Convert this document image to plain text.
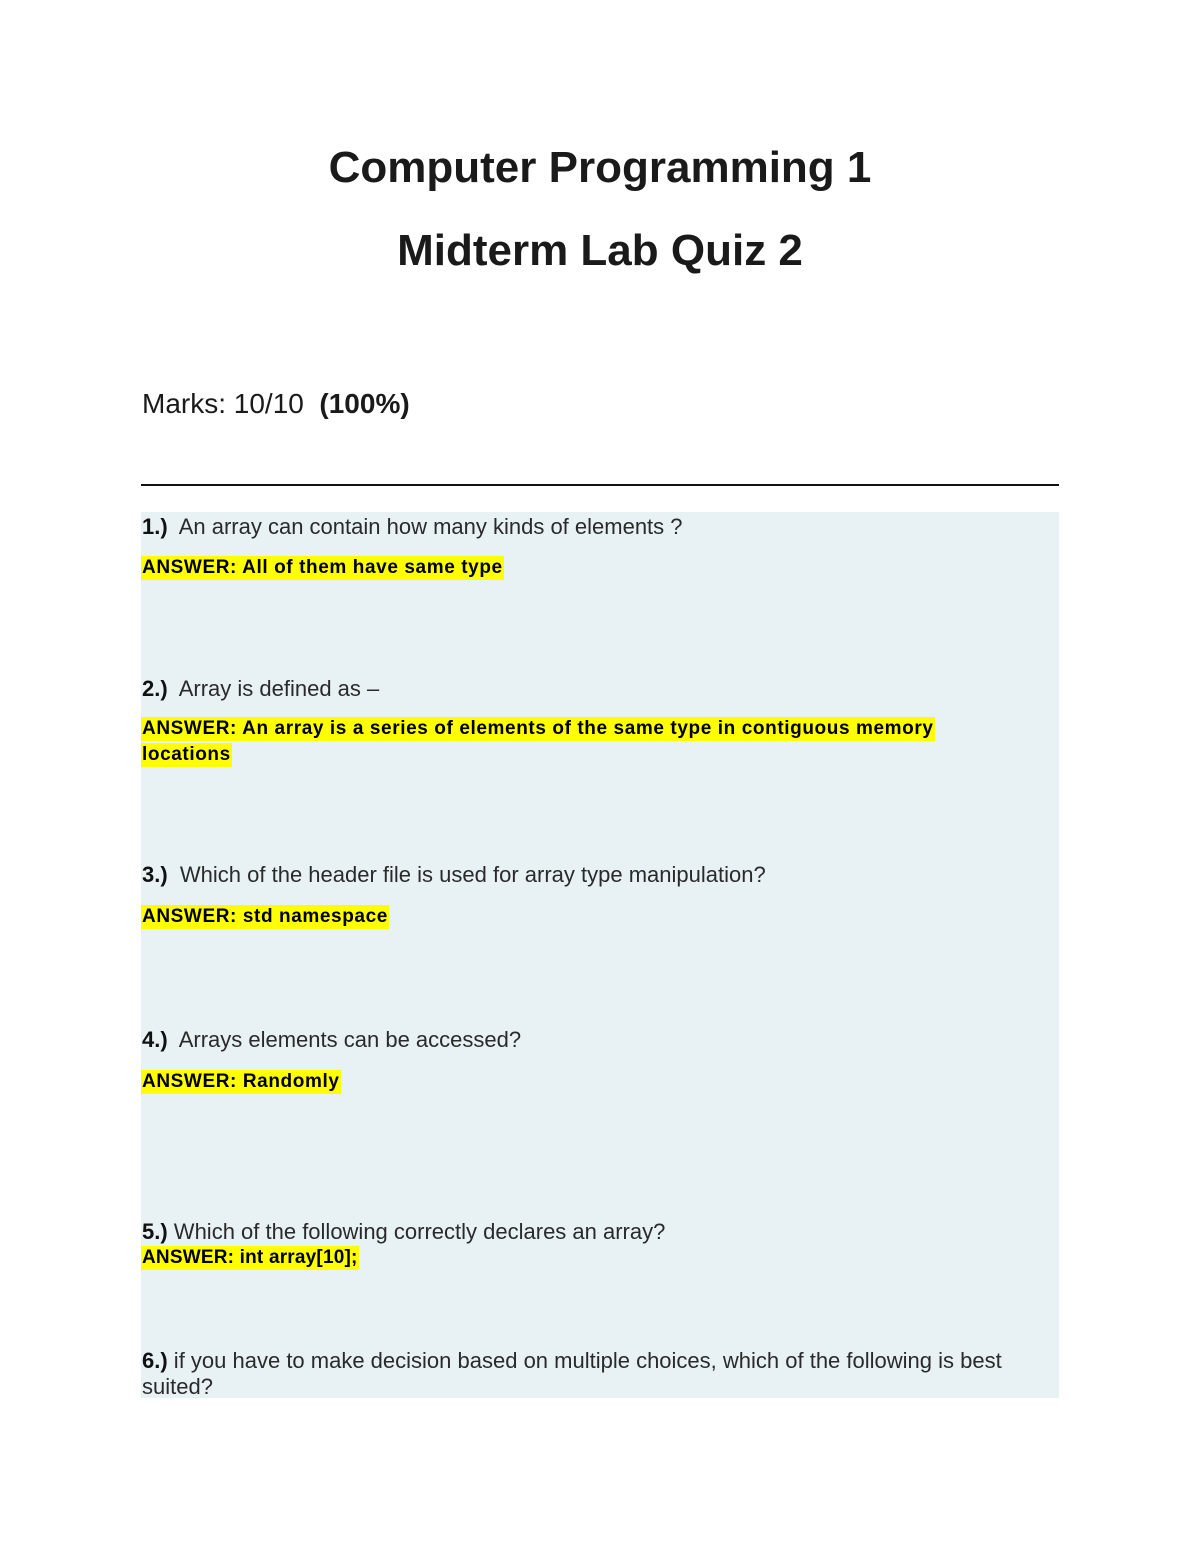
Computer Programming 1
Midterm Lab Quiz 2
Marks: 10/10  (100%)
1.)  An array can contain how many kinds of elements ?
ANSWER: All of them have same type
2.)  Array is defined as –
ANSWER: An array is a series of elements of the same type in contiguous memory locations
3.)  Which of the header file is used for array type manipulation?
ANSWER: std namespace
4.)  Arrays elements can be accessed?
ANSWER: Randomly
5.) Which of the following correctly declares an array?
ANSWER: int array[10];
6.) if you have to make decision based on multiple choices, which of the following is best suited?
